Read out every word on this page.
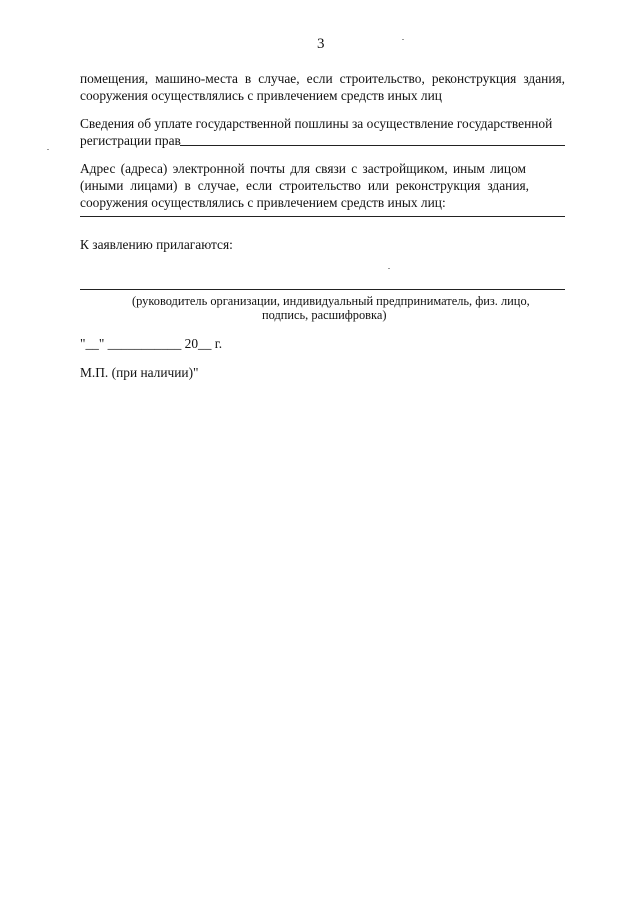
3
помещения, машино-места в случае, если строительство, реконструкция здания,
сооружения осуществлялись с привлечением средств иных лиц
Сведения об уплате государственной пошлины за осуществление государственной
регистрации прав
Адрес (адреса) электронной почты для связи с застройщиком, иным лицом
(иными лицами) в случае, если строительство или реконструкция здания,
сооружения осуществлялись с привлечением средств иных лиц:
К заявлению прилагаются:
(руководитель организации, индивидуальный предприниматель, физ. лицо,
подпись, расшифровка)
"__" ___________ 20__ г.
М.П. (при наличии)"
